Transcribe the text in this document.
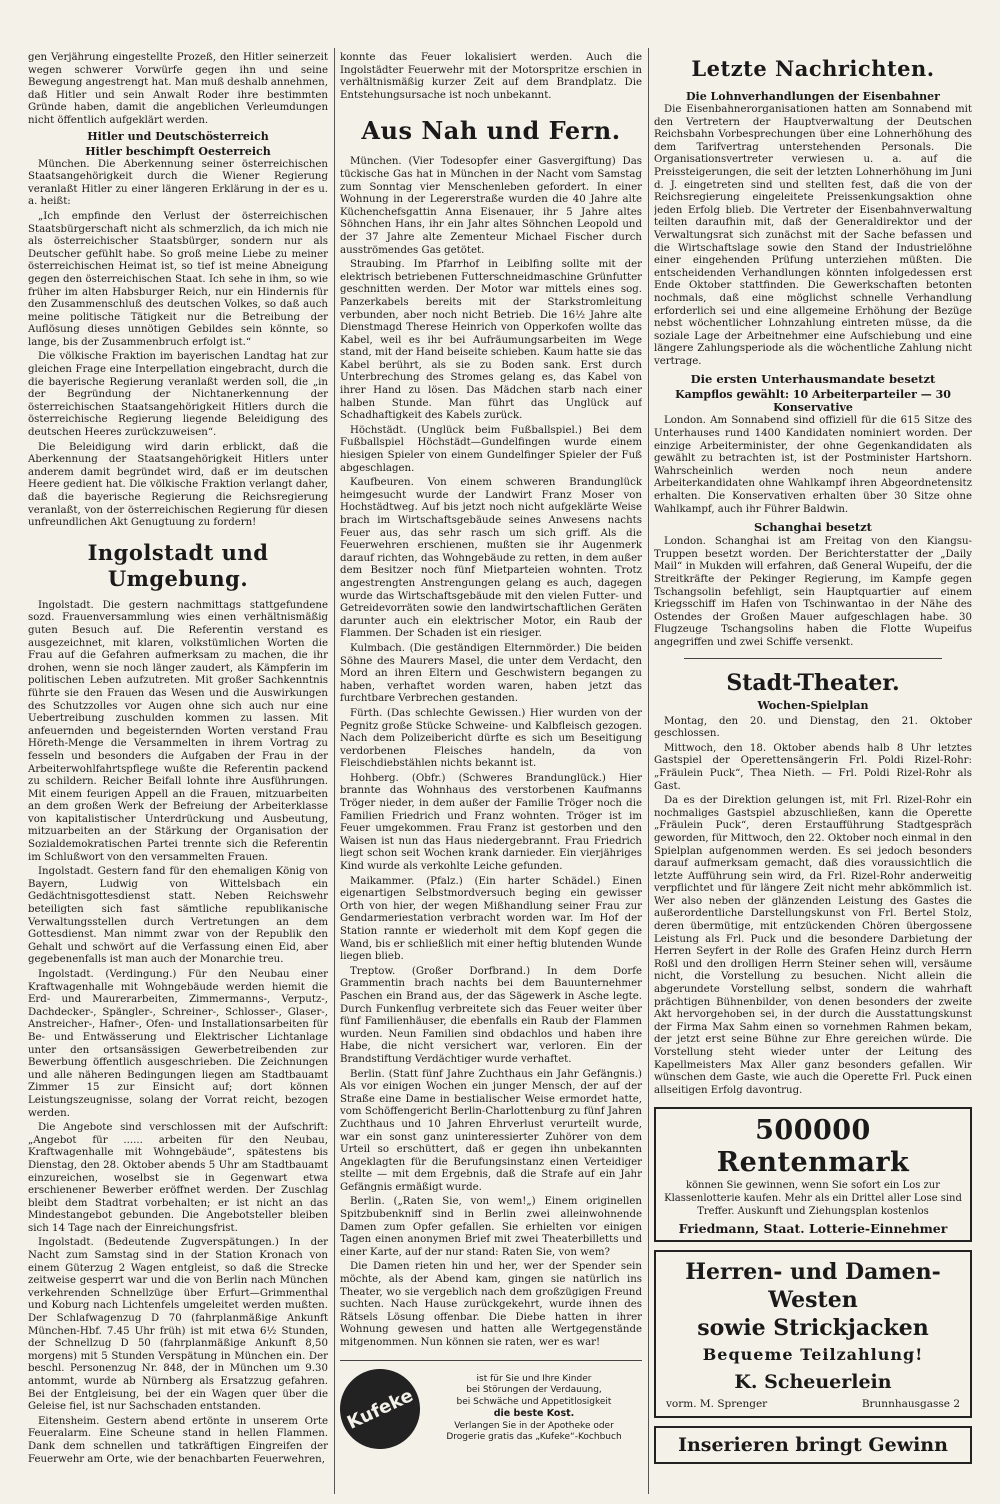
gen Verjährung eingestellte Prozeß, den Hitler seinerzeit wegen schwerer Vorwürfe gegen ihn und seine Bewegung angestrengt hat. Man muß deshalb annehmen, daß Hitler und sein Anwalt Roder ihre bestimmten Gründe haben, damit die angeblichen Verleumdungen nicht öffentlich aufgeklärt werden.

Hitler und Deutschösterreich
Hitler beschimpft Oesterreich

München. Die Aberkennung seiner österreichischen Staatsangehörigkeit durch die Wiener Regierung veranlaßt Hitler zu einer längeren Erklärung in der es u. a. heißt:

„Ich empfinde den Verlust der österreichischen Staatsbürgerschaft nicht als schmerzlich, da ich mich nie als österreichischer Staatsbürger, sondern nur als Deutscher gefühlt habe. So groß meine Liebe zu meiner österreichischen Heimat ist, so tief ist meine Abneigung gegen den österreichischen Staat. Ich sehe in ihm, so wie früher im alten Habsburger Reich, nur ein Hindernis für den Zusammenschluß des deutschen Volkes, so daß auch meine politische Tätigkeit nur die Betreibung der Auflösung dieses unnötigen Gebildes sein könnte, so lange, bis der Zusammenbruch erfolgt ist.“

Die völkische Fraktion im bayerischen Landtag hat zur gleichen Frage eine Interpellation eingebracht, durch die die bayerische Regierung veranlaßt werden soll, die „in der Begründung der Nichtanerkennung der österreichischen Staatsangehörigkeit Hitlers durch die österreichische Regierung liegende Beleidigung des deutschen Heeres zurückzuweisen“.

Die Beleidigung wird darin erblickt, daß die Aberkennung der Staatsangehörigkeit Hitlers unter anderem damit begründet wird, daß er im deutschen Heere gedient hat. Die völkische Fraktion verlangt daher, daß die bayerische Regierung die Reichsregierung veranlaßt, von der österreichischen Regierung für diesen unfreundlichen Akt Genugtuung zu fordern!

Ingolstadt und Umgebung.

Ingolstadt. Die gestern nachmittags stattgefundene sozd. Frauenversammlung wies einen verhältnismäßig guten Besuch auf. Die Referentin verstand es ausgezeichnet, mit klaren, volkstümlichen Worten die Frau auf die Gefahren aufmerksam zu machen, die ihr drohen, wenn sie noch länger zaudert, als Kämpferin im politischen Leben aufzutreten. Mit großer Sachkenntnis führte sie den Frauen das Wesen und die Auswirkungen des Schutzzolles vor Augen ohne sich auch nur eine Uebertreibung zuschulden kommen zu lassen. Mit anfeuernden und begeisternden Worten verstand Frau Höreth-Menge die Versammelten in ihrem Vortrag zu fesseln und besonders die Aufgaben der Frau in der Arbeiterwohlfahrtspflege wußte die Referentin packend zu schildern. Reicher Beifall lohnte ihre Ausführungen. Mit einem feurigen Appell an die Frauen, mitzuarbeiten an dem großen Werk der Befreiung der Arbeiterklasse von kapitalistischer Unterdrückung und Ausbeutung, mitzuarbeiten an der Stärkung der Organisation der Sozialdemokratischen Partei trennte sich die Referentin im Schlußwort von den versammelten Frauen.

Ingolstadt. Gestern fand für den ehemaligen König von Bayern, Ludwig von Wittelsbach ein Gedächtnisgottesdienst statt. Neben Reichswehr beteiligten sich fast sämtliche republikanische Verwaltungsstellen durch Vertretungen an dem Gottesdienst. Man nimmt zwar von der Republik den Gehalt und schwört auf die Verfassung einen Eid, aber gegebenenfalls ist man auch der Monarchie treu.

Ingolstadt. (Verdingung.) Für den Neubau einer Kraftwagenhalle mit Wohngebäude werden hiemit die Erd- und Maurerarbeiten, Zimmermanns-, Verputz-, Dachdecker-, Spängler-, Schreiner-, Schlosser-, Glaser-, Anstreicher-, Hafner-, Ofen- und Installationsarbeiten für Be- und Entwässerung und Elektrischer Lichtanlage unter den ortsansässigen Gewerbetreibenden zur Bewerbung öffentlich ausgeschrieben. Die Zeichnungen und alle näheren Bedingungen liegen am Stadtbauamt Zimmer 15 zur Einsicht auf; dort können Leistungszeugnisse, solang der Vorrat reicht, bezogen werden.

Die Angebote sind verschlossen mit der Aufschrift: „Angebot für ...... arbeiten für den Neubau, Kraftwagenhalle mit Wohngebäude“, spätestens bis Dienstag, den 28. Oktober abends 5 Uhr am Stadtbauamt einzureichen, woselbst sie in Gegenwart etwa erschienener Bewerber eröffnet werden. Der Zuschlag bleibt dem Stadtrat vorbehalten; er ist nicht an das Mindestangebot gebunden. Die Angebotsteller bleiben sich 14 Tage nach der Einreichungsfrist.

Ingolstadt. (Bedeutende Zugverspätungen.) In der Nacht zum Samstag sind in der Station Kronach von einem Güterzug 2 Wagen entgleist, so daß die Strecke zeitweise gesperrt war und die von Berlin nach München verkehrenden Schnellzüge über Erfurt—Grimmenthal und Koburg nach Lichtenfels umgeleitet werden mußten. Der Schlafwagenzug D 70 (fahrplanmäßige Ankunft München-Hbf. 7.45 Uhr früh) ist mit etwa 6½ Stunden, der Schnellzug D 50 (fahrplanmäßige Ankunft 8,50 morgens) mit 5 Stunden Verspätung in München ein. Der beschl. Personenzug Nr. 848, der in München um 9.30 antommt, wurde ab Nürnberg als Ersatzzug gefahren. Bei der Entgleisung, bei der ein Wagen quer über die Geleise fiel, ist nur Sachschaden entstanden.

Eitensheim. Gestern abend ertönte in unserem Orte Feueralarm. Eine Scheune stand in hellen Flammen. Dank dem schnellen und tatkräftigen Eingreifen der Feuerwehr am Orte, wie der benachbarten Feuerwehren,

konnte das Feuer lokalisiert werden. Auch die Ingolstädter Feuerwehr mit der Motorspritze erschien in verhältnismäßig kurzer Zeit auf dem Brandplatz. Die Entstehungsursache ist noch unbekannt.

Aus Nah und Fern.

München. (Vier Todesopfer einer Gasvergiftung) Das tückische Gas hat in München in der Nacht vom Samstag zum Sonntag vier Menschenleben gefordert. In einer Wohnung in der Legererstraße wurden die 40 Jahre alte Küchenchefsgattin Anna Eisenauer, ihr 5 Jahre altes Söhnchen Hans, ihr ein Jahr altes Söhnchen Leopold und der 37 Jahre alte Zementeur Michael Fischer durch ausströmendes Gas getötet.

Straubing. Im Pfarrhof in Leiblfing sollte mit der elektrisch betriebenen Futterschneidmaschine Grünfutter geschnitten werden. Der Motor war mittels eines sog. Panzerkabels bereits mit der Starkstromleitung verbunden, aber noch nicht Betrieb. Die 16½ Jahre alte Dienstmagd Therese Heinrich von Opperkofen wollte das Kabel, weil es ihr bei Aufräumungsarbeiten im Wege stand, mit der Hand beiseite schieben. Kaum hatte sie das Kabel berührt, als sie zu Boden sank. Erst durch Unterbrechung des Stromes gelang es, das Kabel von ihrer Hand zu lösen. Das Mädchen starb nach einer halben Stunde. Man führt das Unglück auf Schadhaftigkeit des Kabels zurück.

Höchstädt. (Unglück beim Fußballspiel.) Bei dem Fußballspiel Höchstädt—Gundelfingen wurde einem hiesigen Spieler von einem Gundelfinger Spieler der Fuß abgeschlagen.

Kaufbeuren. Von einem schweren Brandunglück heimgesucht wurde der Landwirt Franz Moser von Hochstädtweg. Auf bis jetzt noch nicht aufgeklärte Weise brach im Wirtschaftsgebäude seines Anwesens nachts Feuer aus, das sehr rasch um sich griff. Als die Feuerwehren erschienen, mußten sie ihr Augenmerk darauf richten, das Wohngebäude zu retten, in dem außer dem Besitzer noch fünf Mietparteien wohnten. Trotz angestrengten Anstrengungen gelang es auch, dagegen wurde das Wirtschaftsgebäude mit den vielen Futter- und Getreidevorräten sowie den landwirtschaftlichen Geräten darunter auch ein elektrischer Motor, ein Raub der Flammen. Der Schaden ist ein riesiger.

Kulmbach. (Die geständigen Elternmörder.) Die beiden Söhne des Maurers Masel, die unter dem Verdacht, den Mord an ihren Eltern und Geschwistern begangen zu haben, verhaftet worden waren, haben jetzt das furchtbare Verbrechen gestanden.

Fürth. (Das schlechte Gewissen.) Hier wurden von der Pegnitz große Stücke Schweine- und Kalbfleisch gezogen. Nach dem Polizeibericht dürfte es sich um Beseitigung verdorbenen Fleisches handeln, da von Fleischdiebstählen nichts bekannt ist.

Hohberg. (Obfr.) (Schweres Brandunglück.) Hier brannte das Wohnhaus des verstorbenen Kaufmanns Tröger nieder, in dem außer der Familie Tröger noch die Familien Friedrich und Franz wohnten. Tröger ist im Feuer umgekommen. Frau Franz ist gestorben und den Waisen ist nun das Haus niedergebrannt. Frau Friedrich liegt schon seit Wochen krank darnieder. Ein vierjähriges Kind wurde als verkohlte Leiche gefunden.

Maikammer. (Pfalz.) (Ein harter Schädel.) Einen eigenartigen Selbstmordversuch beging ein gewisser Orth von hier, der wegen Mißhandlung seiner Frau zur Gendarmeriestation verbracht worden war. Im Hof der Station rannte er wiederholt mit dem Kopf gegen die Wand, bis er schließlich mit einer heftig blutenden Wunde liegen blieb.

Treptow. (Großer Dorfbrand.) In dem Dorfe Grammentin brach nachts bei dem Bauunternehmer Paschen ein Brand aus, der das Sägewerk in Asche legte. Durch Funkenflug verbreitete sich das Feuer weiter über fünf Familienhäuser, die ebenfalls ein Raub der Flammen wurden. Neun Familien sind obdachlos und haben ihre Habe, die nicht versichert war, verloren. Ein der Brandstiftung Verdächtiger wurde verhaftet.

Berlin. (Statt fünf Jahre Zuchthaus ein Jahr Gefängnis.) Als vor einigen Wochen ein junger Mensch, der auf der Straße eine Dame in bestialischer Weise ermordet hatte, vom Schöffengericht Berlin-Charlottenburg zu fünf Jahren Zuchthaus und 10 Jahren Ehrverlust verurteilt wurde, war ein sonst ganz uninteressierter Zuhörer von dem Urteil so erschüttert, daß er gegen ihn unbekannten Angeklagten für die Berufungsinstanz einen Verteidiger stellte — mit dem Ergebnis, daß die Strafe auf ein Jahr Gefängnis ermäßigt wurde.

Berlin. („Raten Sie, von wem!„) Einem originellen Spitzbubenkniff sind in Berlin zwei alleinwohnende Damen zum Opfer gefallen. Sie erhielten vor einigen Tagen einen anonymen Brief mit zwei Theaterbilletts und einer Karte, auf der nur stand: Raten Sie, von wem?

Die Damen rieten hin und her, wer der Spender sein möchte, als der Abend kam, gingen sie natürlich ins Theater, wo sie vergeblich nach dem großzügigen Freund suchten. Nach Hause zurückgekehrt, wurde ihnen des Rätsels Lösung offenbar. Die Diebe hatten in ihrer Wohnung gewesen und hatten alle Wertgegenstände mitgenommen. Nun können sie raten, wer es war!

Kufeke
ist für Sie und Ihre Kinder
bei Störungen der Verdauung,
bei Schwäche und Appetitlosigkeit
die beste Kost.
Verlangen Sie in der Apotheke oder
Drogerie gratis das „Kufeke“-Kochbuch
Letzte Nachrichten.
Die Lohnverhandlungen der Eisenbahner

Die Eisenbahnerorganisationen hatten am Sonnabend mit den Vertretern der Hauptverwaltung der Deutschen Reichsbahn Vorbesprechungen über eine Lohnerhöhung des dem Tarifvertrag unterstehenden Personals. Die Organisationsvertreter verwiesen u. a. auf die Preissteigerungen, die seit der letzten Lohnerhöhung im Juni d. J. eingetreten sind und stellten fest, daß die von der Reichsregierung eingeleitete Preissenkungsaktion ohne jeden Erfolg blieb. Die Vertreter der Eisenbahnverwaltung teilten daraufhin mit, daß der Generaldirektor und der Verwaltungsrat sich zunächst mit der Sache befassen und die Wirtschaftslage sowie den Stand der Industrielöhne einer eingehenden Prüfung unterziehen müßten. Die entscheidenden Verhandlungen könnten infolgedessen erst Ende Oktober stattfinden. Die Gewerkschaften betonten nochmals, daß eine möglichst schnelle Verhandlung erforderlich sei und eine allgemeine Erhöhung der Bezüge nebst wöchentlicher Lohnzahlung eintreten müsse, da die soziale Lage der Arbeitnehmer eine Aufschiebung und eine längere Zahlungsperiode als die wöchentliche Zahlung nicht vertrage.

Die ersten Unterhausmandate besetzt
Kampflos gewählt: 10 Arbeiterparteiler — 30 Konservative

London. Am Sonnabend sind offiziell für die 615 Sitze des Unterhauses rund 1400 Kandidaten nominiert worden. Der einzige Arbeiterminister, der ohne Gegenkandidaten als gewählt zu betrachten ist, ist der Postminister Hartshorn. Wahrscheinlich werden noch neun andere Arbeiterkandidaten ohne Wahlkampf ihren Abgeordnetensitz erhalten. Die Konservativen erhalten über 30 Sitze ohne Wahlkampf, auch ihr Führer Baldwin.

Schanghai besetzt

London. Schanghai ist am Freitag von den Kiangsu-Truppen besetzt worden. Der Berichterstatter der „Daily Mail“ in Mukden will erfahren, daß General Wupeifu, der die Streitkräfte der Pekinger Regierung, im Kampfe gegen Tschangsolin befehligt, sein Hauptquartier auf einem Kriegsschiff im Hafen von Tschinwantao in der Nähe des Ostendes der Großen Mauer aufgeschlagen habe. 30 Flugzeuge Tschangsolins haben die Flotte Wupeifus angegriffen und zwei Schiffe versenkt.

Stadt-Theater.
Wochen-Spielplan

Montag, den 20. und Dienstag, den 21. Oktober geschlossen.

Mittwoch, den 18. Oktober abends halb 8 Uhr letztes Gastspiel der Operettensängerin Frl. Poldi Rizel-Rohr: „Fräulein Puck“, Thea Nieth. — Frl. Poldi Rizel-Rohr als Gast.

Da es der Direktion gelungen ist, mit Frl. Rizel-Rohr ein nochmaliges Gastspiel abzuschließen, kann die Operette „Fräulein Puck“, deren Erstaufführung Stadtgespräch geworden, für Mittwoch, den 22. Oktober noch einmal in den Spielplan aufgenommen werden. Es sei jedoch besonders darauf aufmerksam gemacht, daß dies voraussichtlich die letzte Aufführung sein wird, da Frl. Rizel-Rohr anderweitig verpflichtet und für längere Zeit nicht mehr abkömmlich ist. Wer also neben der glänzenden Leistung des Gastes die außerordentliche Darstellungskunst von Frl. Bertel Stolz, deren übermütige, mit entzückenden Chören übergossene Leistung als Frl. Puck und die besondere Darbietung der Herren Seyfert in der Rolle des Grafen Heinz durch Herrn Roßl und den drolligen Herrn Steiner sehen will, versäume nicht, die Vorstellung zu besuchen. Nicht allein die abgerundete Vorstellung selbst, sondern die wahrhaft prächtigen Bühnenbilder, von denen besonders der zweite Akt hervorgehoben sei, in der durch die Ausstattungskunst der Firma Max Sahm einen so vornehmen Rahmen bekam, der jetzt erst seine Bühne zur Ehre gereichen würde. Die Vorstellung steht wieder unter der Leitung des Kapellmeisters Max Aller ganz besonders gefallen. Wir wünschen dem Gaste, wie auch die Operette Frl. Puck einen allseitigen Erfolg davontrug.

500000 Rentenmark
können Sie gewinnen, wenn Sie sofort ein Los zur Klassenlotterie kaufen. Mehr als ein Drittel aller Lose sind Treffer. Auskunft und Ziehungsplan kostenlos
Friedmann, Staat. Lotterie-Einnehmer
Herren- und Damen-Westen
sowie Strickjacken
Bequeme Teilzahlung!
K. Scheuerlein
vorm. M. Sprenger	Brunnhausgasse 2
Inserieren bringt Gewinn
